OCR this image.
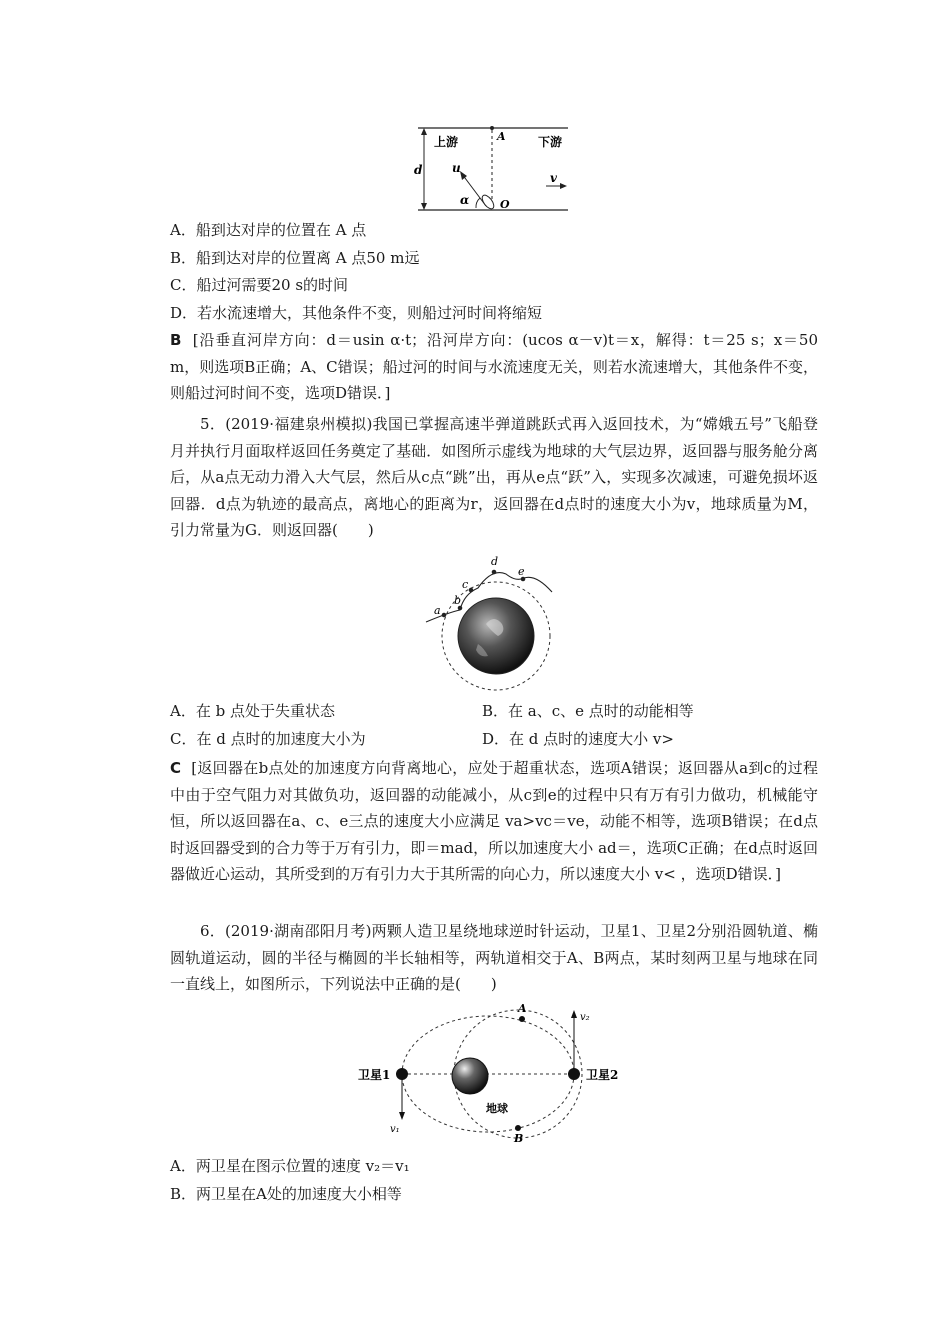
上游	下游
A
d u
α	O
v
A．船到达对岸的位置在 A 点
B．船到达对岸的位置离 A 点50 m远
C．船过河需要20 s的时间
D．若水流速增大，其他条件不变，则船过河时间将缩短
B [沿垂直河岸方向：d＝usin α·t；沿河岸方向：(ucos α－v)t＝x，解得：t＝25 s；x＝50 m，则选项B正确；A、C错误；船过河的时间与水流速度无关，则若水流速增大，其他条件不变，则船过河时间不变，选项D错误．]
5．(2019·福建泉州模拟)我国已掌握高速半弹道跳跃式再入返回技术，为“嫦娥五号”飞船登月并执行月面取样返回任务奠定了基础．如图所示虚线为地球的大气层边界，返回器与服务舱分离后，从a点无动力滑入大气层，然后从c点“跳”出，再从e点“跃”入，实现多次减速，可避免损坏返回器．d点为轨迹的最高点，离地心的距离为r，返回器在d点时的速度大小为v，地球质量为M，引力常量为G．则返回器(　　)
a
b
c
d
e
A．在 b 点处于失重状态	B．在 a、c、e 点时的动能相等
C．在 d 点时的加速度大小为	D．在 d 点时的速度大小 v>
C [返回器在b点处的加速度方向背离地心，应处于超重状态，选项A错误；返回器从a到c的过程中由于空气阻力对其做负功，返回器的动能减小，从c到e的过程中只有万有引力做功，机械能守恒，所以返回器在a、c、e三点的速度大小应满足 va>vc＝ve，动能不相等，选项B错误；在d点时返回器受到的合力等于万有引力，即＝mad，所以加速度大小 ad＝，选项C正确；在d点时返回器做近心运动，其所受到的万有引力大于其所需的向心力，所以速度大小 v< ，选项D错误．]
6．(2019·湖南邵阳月考)两颗人造卫星绕地球逆时针运动，卫星1、卫星2分别沿圆轨道、椭圆轨道运动，圆的半径与椭圆的半长轴相等，两轨道相交于A、B两点，某时刻两卫星与地球在同一直线上，如图所示，下列说法中正确的是(　　)
卫星1	卫星2
地球
A
B
v₁
v₂
A．两卫星在图示位置的速度 v₂＝v₁
B．两卫星在A处的加速度大小相等
